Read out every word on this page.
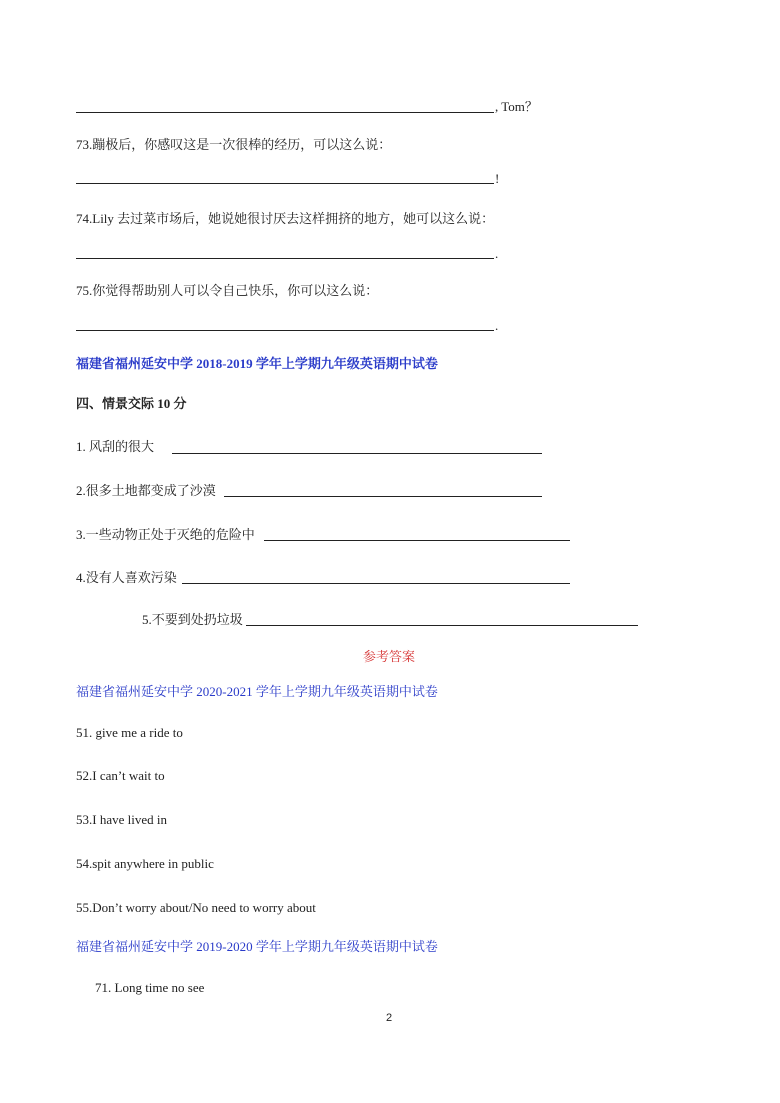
, Tom？
73.蹦极后，你感叹这是一次很棒的经历，可以这么说：
!
74.Lily 去过菜市场后，她说她很讨厌去这样拥挤的地方，她可以这么说：
.
75.你觉得帮助别人可以令自己快乐，你可以这么说：
.
福建省福州延安中学 2018-2019 学年上学期九年级英语期中试卷
四、情景交际 10 分
1. 风刮的很大
2.很多土地都变成了沙漠
3.一些动物正处于灭绝的危险中
4.没有人喜欢污染
5.不要到处扔垃圾
参考答案
福建省福州延安中学 2020-2021 学年上学期九年级英语期中试卷
51. give me a ride to
52.I can’t wait to
53.I have lived in
54.spit anywhere in public
55.Don’t worry about/No need to worry about
福建省福州延安中学 2019-2020 学年上学期九年级英语期中试卷
71. Long time no see
2
